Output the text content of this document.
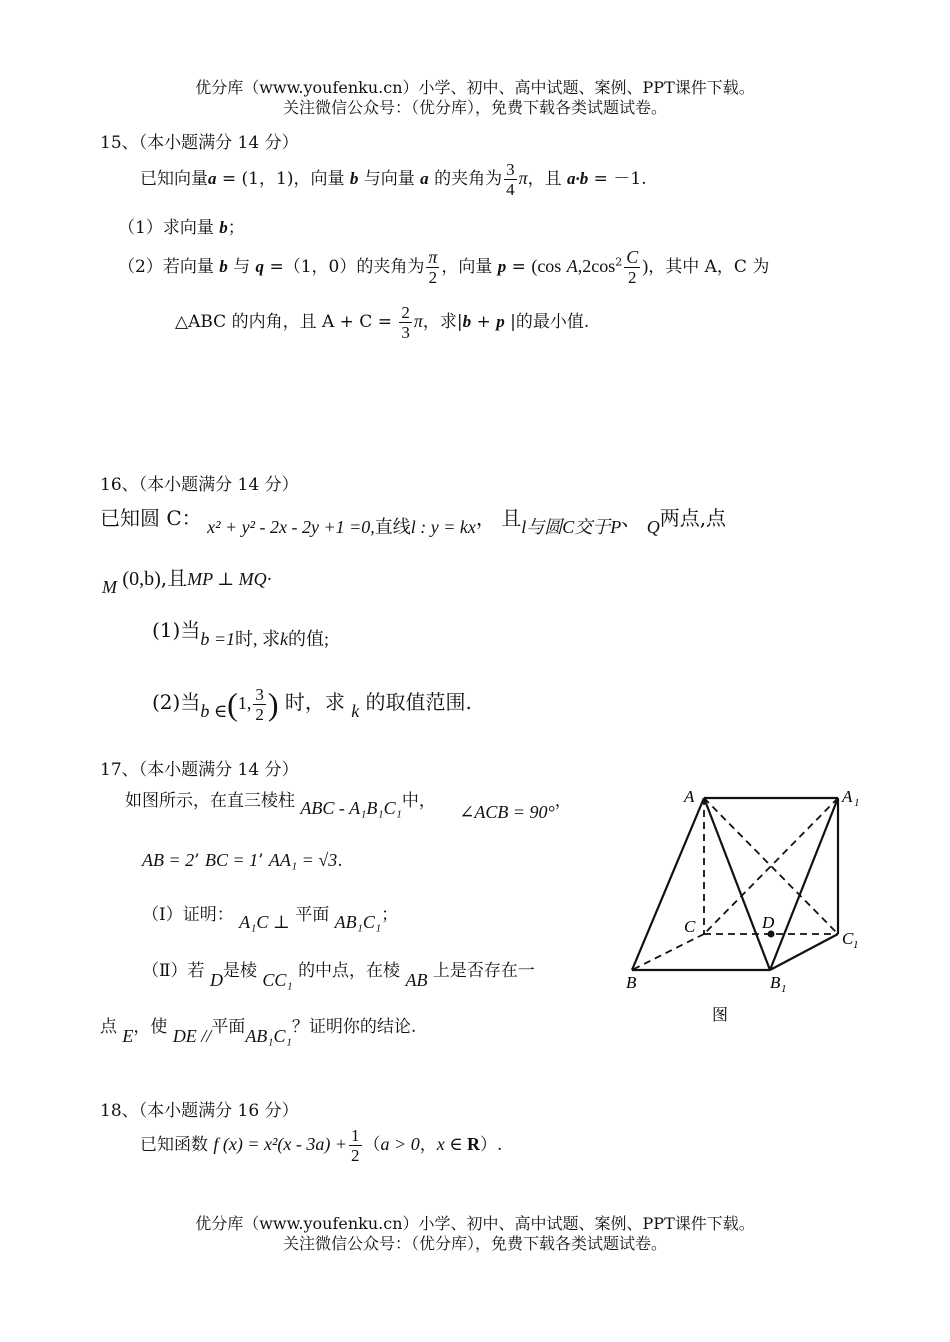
优分库（www.youfenku.cn）小学、初中、高中试题、案例、PPT课件下载。
关注微信公众号：（优分库），免费下载各类试题试卷。
15、（本小题满分 14 分）
已知向量a = (1，1)，向量 b 与向量 a 的夹角为 $\frac{3}{4}$ π，且 a·b = －1.
（1）求向量 b；
（2）若向量 b 与 q =（1，0）的夹角为 $\frac{\pi}{2}$ ，向量 p = (cos $A,2\cos^2 \frac{C}{2}$ )，其中 A，C 为
△ABC 的内角，且 $A + C = \frac{2}{3}$ π，求|b + p |的最小值.
16、（本小题满分 14 分）
已知圆 C： x² + y² - 2x - 2y +1 =0,直线l : y = kx， 且l与圆C交于P、 Q两点,点
M (0,b),且MP ⊥ MQ·
(1)当b =1时, 求k的值;
(2)当b ∈(1, $\frac{3}{2}$ ) 时，求 k 的取值范围.
17、（本小题满分 14 分）
如图所示，在直三棱柱 ABC - A₁B₁C₁中， ∠ACB = 90°，
AB = 2’ BC = 1’ AA₁ = √3.
（Ⅰ）证明： A₁C ⊥ 平面 AB₁C₁；
（Ⅱ）若 D是棱 CC₁ 的中点，在棱 AB 上是否存在一
点 E，使 DE //平面AB₁C₁？证明你的结论.
A	A 1
C	D
C 1
B	B 1
图
18、（本小题满分 16 分）
已知函数 f $(x) = x^2(x - 3a) + \frac{1}{2} (a > 0$，x ∈ R）.
优分库（www.youfenku.cn）小学、初中、高中试题、案例、PPT课件下载。
关注微信公众号：（优分库），免费下载各类试题试卷。
